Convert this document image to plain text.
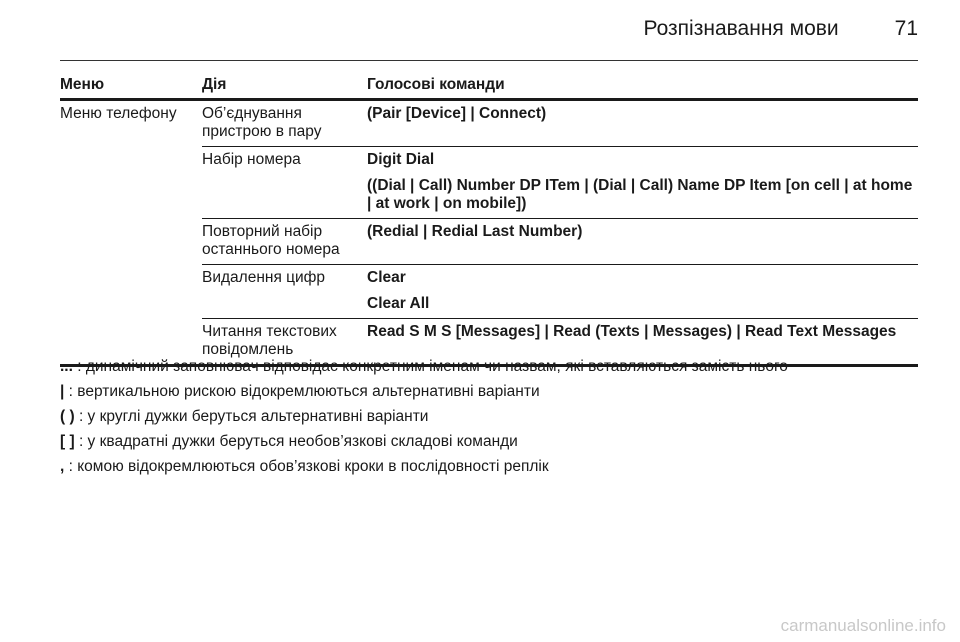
Розпізнавання мови	71
Меню	Дія	Голосові команди
Меню телефону	Об’єднування пристрою в пару	(Pair [Device] | Connect)

	Набір номера	Digit Dial
((Dial | Call) Number DP ITem | (Dial | Call) Name DP Item [on cell | at home | at work | on mobile])

	Повторний набір останнього номера	(Redial | Redial Last Number)

	Видалення цифр	Clear
Clear All

	Читання текстових повідомлень	Read S M S [Messages] | Read (Texts | Messages) | Read Text Messages
... : динамічний заповнювач відповідає конкретним іменам чи назвам, які вставляються замість нього
| : вертикальною рискою відокремлюються альтернативні варіанти
( ) : у круглі дужки беруться альтернативні варіанти
[ ] : у квадратні дужки беруться необов’язкові складові команди
, : комою відокремлюються обов’язкові кроки в послідовності реплік
carmanualsonline.info
